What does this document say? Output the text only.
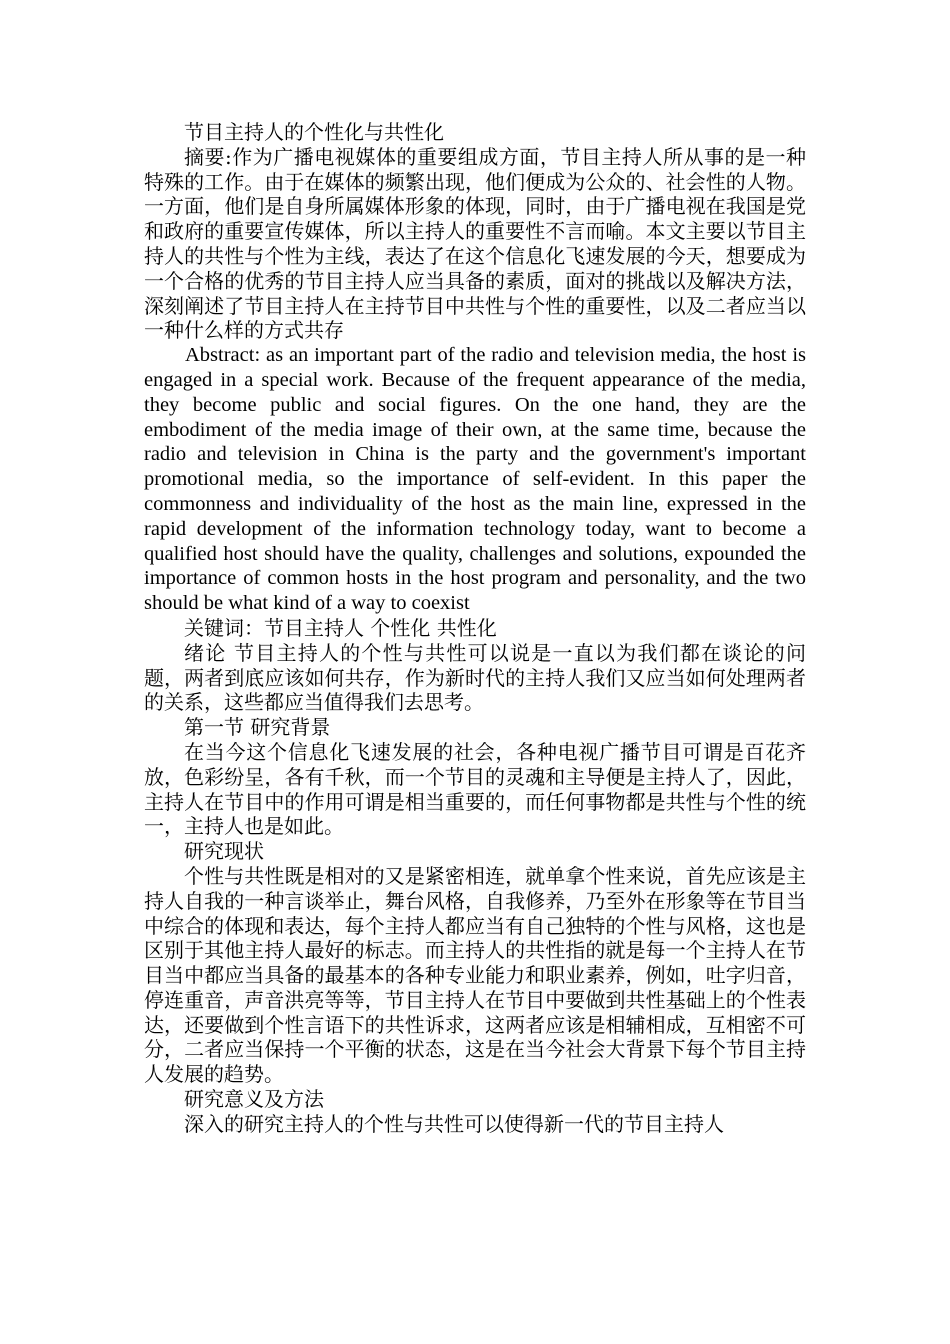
节目主持人的个性化与共性化

摘要:作为广播电视媒体的重要组成方面，节目主持人所从事的是一种特殊的工作。由于在媒体的频繁出现，他们便成为公众的、社会性的人物。一方面，他们是自身所属媒体形象的体现，同时，由于广播电视在我国是党和政府的重要宣传媒体，所以主持人的重要性不言而喻。本文主要以节目主持人的共性与个性为主线，表达了在这个信息化飞速发展的今天，想要成为一个合格的优秀的节目主持人应当具备的素质，面对的挑战以及解决方法，深刻阐述了节目主持人在主持节目中共性与个性的重要性，以及二者应当以一种什么样的方式共存

Abstract: as an important part of the radio and television media, the host is engaged in a special work. Because of the frequent appearance of the media, they become public and social figures. On the one hand, they are the embodiment of the media image of their own, at the same time, because the radio and television in China is the party and the government's important promotional media, so the importance of self-evident. In this paper the commonness and individuality of the host as the main line, expressed in the rapid development of the information technology today, want to become a qualified host should have the quality, challenges and solutions, expounded the importance of common hosts in the host program and personality, and the two should be what kind of a way to coexist

关键词：节目主持人 个性化 共性化

绪论 节目主持人的个性与共性可以说是一直以为我们都在谈论的问题，两者到底应该如何共存，作为新时代的主持人我们又应当如何处理两者的关系，这些都应当值得我们去思考。

第一节 研究背景

在当今这个信息化飞速发展的社会，各种电视广播节目可谓是百花齐放，色彩纷呈，各有千秋，而一个节目的灵魂和主导便是主持人了，因此，主持人在节目中的作用可谓是相当重要的，而任何事物都是共性与个性的统一，主持人也是如此。

研究现状

个性与共性既是相对的又是紧密相连，就单拿个性来说，首先应该是主持人自我的一种言谈举止，舞台风格，自我修养，乃至外在形象等在节目当中综合的体现和表达，每个主持人都应当有自己独特的个性与风格，这也是区别于其他主持人最好的标志。而主持人的共性指的就是每一个主持人在节目当中都应当具备的最基本的各种专业能力和职业素养，例如，吐字归音，停连重音，声音洪亮等等，节目主持人在节目中要做到共性基础上的个性表达，还要做到个性言语下的共性诉求，这两者应该是相辅相成，互相密不可分，二者应当保持一个平衡的状态，这是在当今社会大背景下每个节目主持人发展的趋势。

研究意义及方法

深入的研究主持人的个性与共性可以使得新一代的节目主持人
